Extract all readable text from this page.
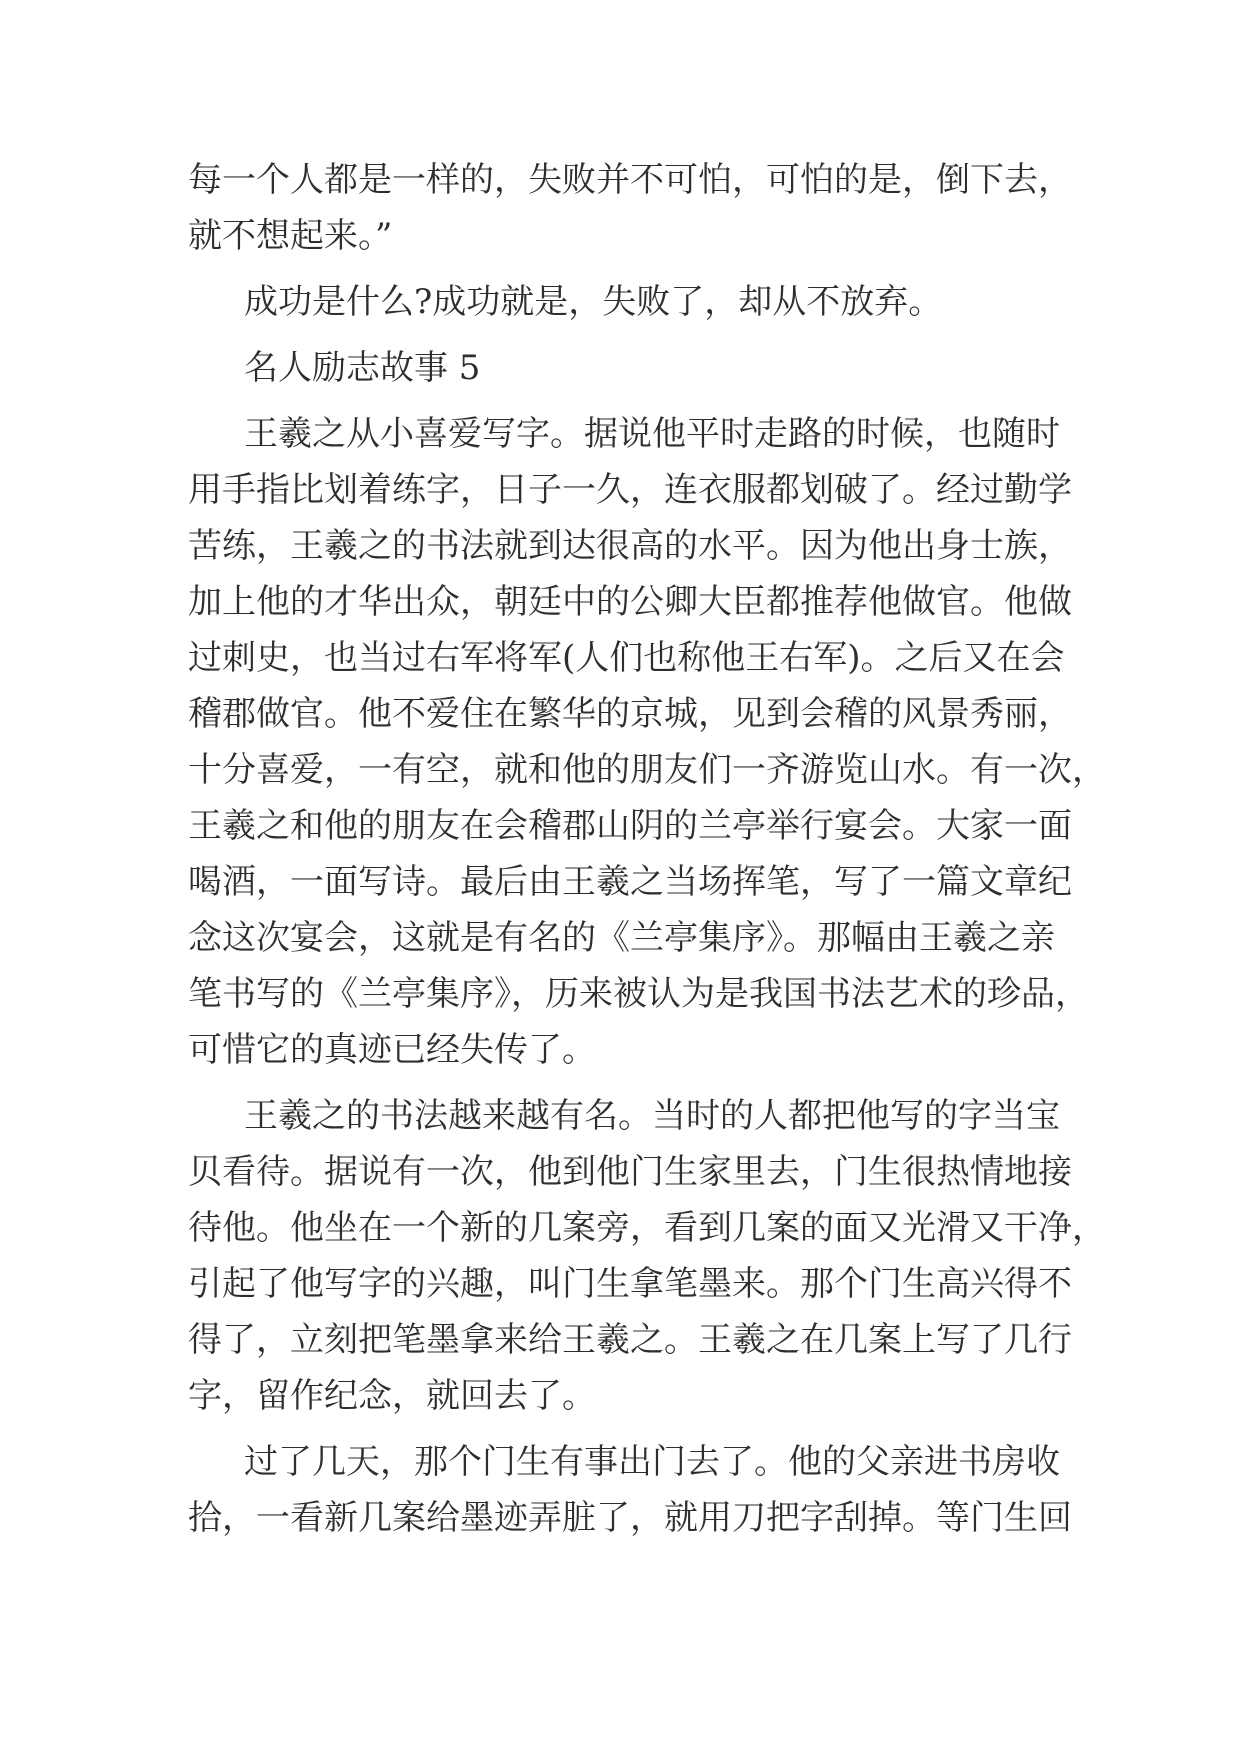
每一个人都是一样的，失败并不可怕，可怕的是，倒下去，
就不想起来。”
成功是什么?成功就是，失败了，却从不放弃。
名人励志故事 5
王羲之从小喜爱写字。据说他平时走路的时候，也随时
用手指比划着练字，日子一久，连衣服都划破了。经过勤学
苦练，王羲之的书法就到达很高的水平。因为他出身士族，
加上他的才华出众，朝廷中的公卿大臣都推荐他做官。他做
过刺史，也当过右军将军(人们也称他王右军)。之后又在会
稽郡做官。他不爱住在繁华的京城，见到会稽的风景秀丽，
十分喜爱，一有空，就和他的朋友们一齐游览山水。有一次，
王羲之和他的朋友在会稽郡山阴的兰亭举行宴会。大家一面
喝酒，一面写诗。最后由王羲之当场挥笔，写了一篇文章纪
念这次宴会，这就是有名的《兰亭集序》。那幅由王羲之亲
笔书写的《兰亭集序》，历来被认为是我国书法艺术的珍品，
可惜它的真迹已经失传了。
王羲之的书法越来越有名。当时的人都把他写的字当宝
贝看待。据说有一次，他到他门生家里去，门生很热情地接
待他。他坐在一个新的几案旁，看到几案的面又光滑又干净，
引起了他写字的兴趣，叫门生拿笔墨来。那个门生高兴得不
得了，立刻把笔墨拿来给王羲之。王羲之在几案上写了几行
字，留作纪念，就回去了。
过了几天，那个门生有事出门去了。他的父亲进书房收
拾，一看新几案给墨迹弄脏了，就用刀把字刮掉。等门生回
